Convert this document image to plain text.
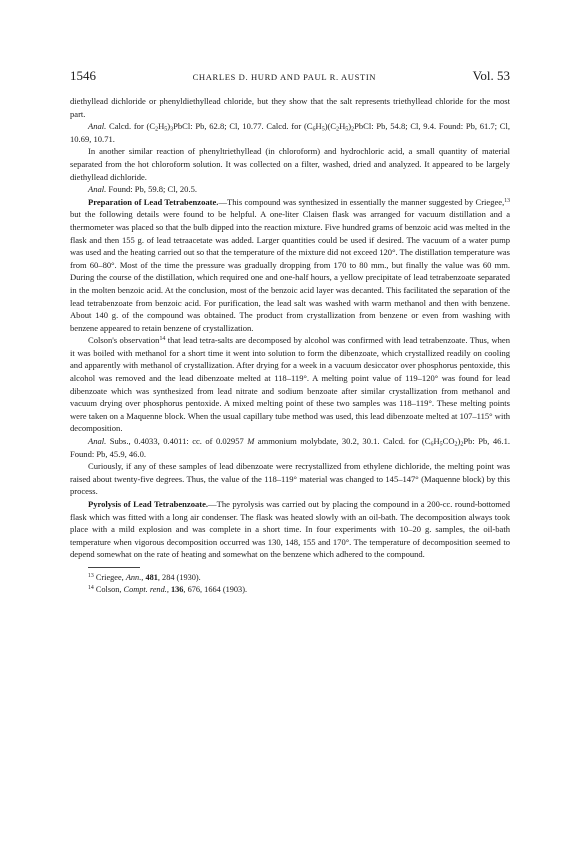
1546	CHARLES D. HURD AND PAUL R. AUSTIN	Vol. 53

diethyllead dichloride or phenyldiethyllead chloride, but they show that the salt represents triethyllead chloride for the most part.

Anal. Calcd. for $(C_2H_5)_3PbCl$: Pb, 62.8; Cl, 10.77. Calcd. for $(C_6H_5)(C_2H_5)_2PbCl$: Pb, 54.8; Cl, 9.4. Found: Pb, 61.7; Cl, 10.69, 10.71.

In another similar reaction of phenyltriethyllead (in chloroform) and hydrochloric acid, a small quantity of material separated from the hot chloroform solution. It was collected on a filter, washed, dried and analyzed. It appeared to be largely diethyllead dichloride.

Anal. Found: Pb, 59.8; Cl, 20.5.

Preparation of Lead Tetrabenzoate.—This compound was synthesized in essentially the manner suggested by Criegee,$^{13}$ but the following details were found to be helpful. A one-liter Claisen flask was arranged for vacuum distillation and a thermometer was placed so that the bulb dipped into the reaction mixture. Five hundred grams of benzoic acid was melted in the flask and then 155 g. of lead tetraacetate was added. Larger quantities could be used if desired. The vacuum of a water pump was used and the heating carried out so that the temperature of the mixture did not exceed 120°. The distillation temperature was from 60–80°. Most of the time the pressure was gradually dropping from 170 to 80 mm., but finally the value was 60 mm. During the course of the distillation, which required one and one-half hours, a yellow precipitate of lead tetrabenzoate separated in the molten benzoic acid. At the conclusion, most of the benzoic acid layer was decanted. This facilitated the separation of the lead tetrabenzoate from benzoic acid. For purification, the lead salt was washed with warm methanol and then with benzene. About 140 g. of the compound was obtained. The product from crystallization from benzene or even from washing with benzene appeared to retain benzene of crystallization.

Colson's observation$^{14}$ that lead tetra-salts are decomposed by alcohol was confirmed with lead tetrabenzoate. Thus, when it was boiled with methanol for a short time it went into solution to form the dibenzoate, which crystallized readily on cooling and apparently with methanol of crystallization. After drying for a week in a vacuum desiccator over phosphorus pentoxide, this alcohol was removed and the lead dibenzoate melted at 118–119°. A melting point value of 119–120° was found for lead dibenzoate which was synthesized from lead nitrate and sodium benzoate after similar crystallization from methanol and vacuum drying over phosphorus pentoxide. A mixed melting point of these two samples was 118–119°. These melting points were taken on a Maquenne block. When the usual capillary tube method was used, this lead dibenzoate melted at 107–115° with decomposition.

Anal. Subs., 0.4033, 0.4011: cc. of 0.02957 M ammonium molybdate, 30.2, 30.1. Calcd. for $(C_6H_5CO_2)_2Pb$: Pb, 46.1. Found: Pb, 45.9, 46.0.

Curiously, if any of these samples of lead dibenzoate were recrystallized from ethylene dichloride, the melting point was raised about twenty-five degrees. Thus, the value of the 118–119° material was changed to 145–147° (Maquenne block) by this process.

Pyrolysis of Lead Tetrabenzoate.—The pyrolysis was carried out by placing the compound in a 200-cc. round-bottomed flask which was fitted with a long air condenser. The flask was heated slowly with an oil-bath. The decomposition always took place with a mild explosion and was complete in a short time. In four experiments with 10–20 g. samples, the oil-bath temperature when vigorous decomposition occurred was 130, 148, 155 and 170°. The temperature of decomposition seemed to depend somewhat on the rate of heating and somewhat on the benzene which adhered to the compound.

$^{13}$ Criegee, Ann., 481, 284 (1930).

$^{14}$ Colson, Compt. rend., 136, 676, 1664 (1903).
